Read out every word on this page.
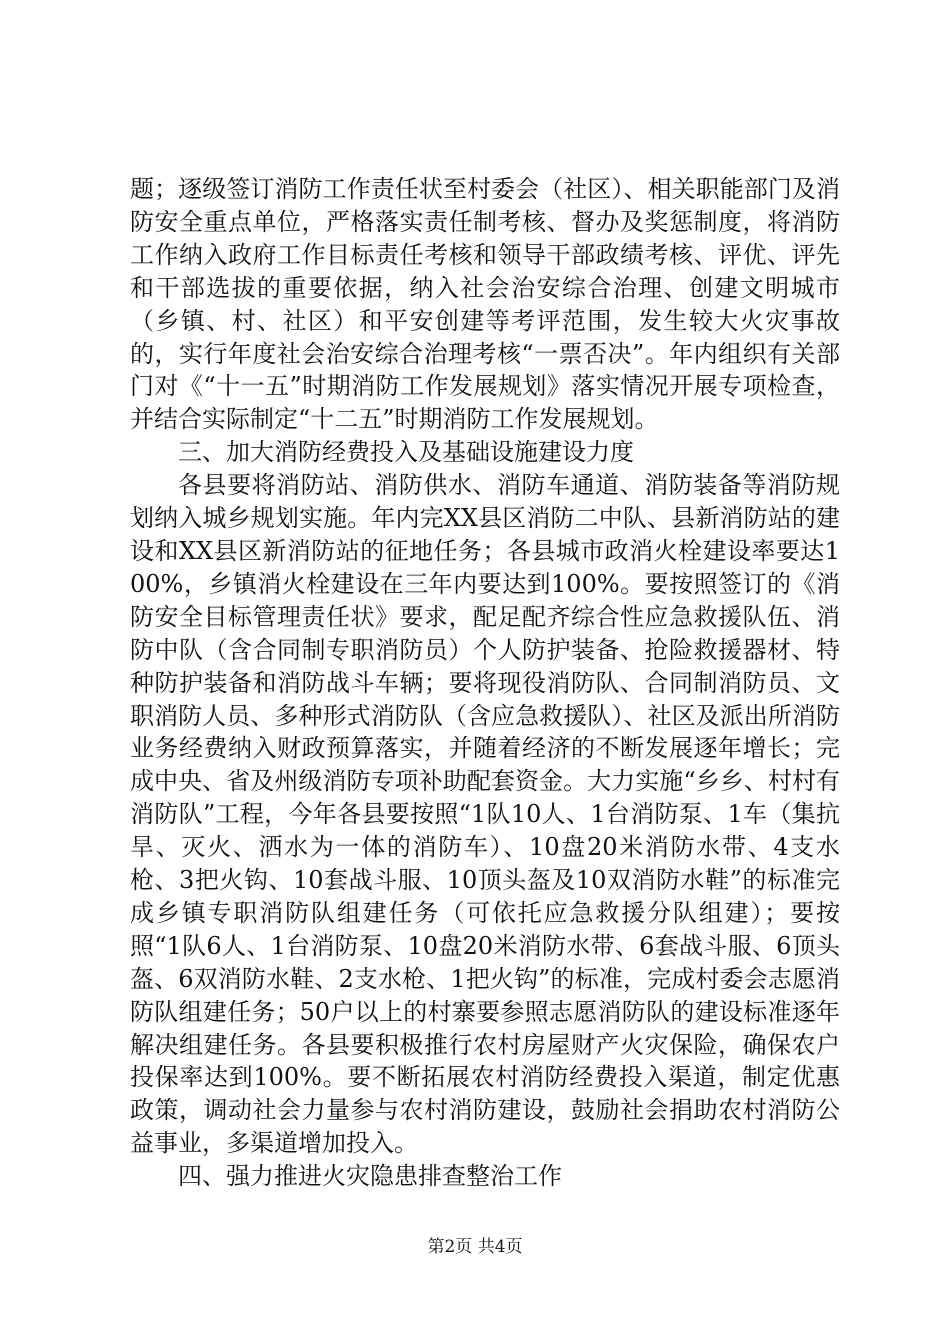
题；逐级签订消防工作责任状至村委会（社区）、相关职能部门及消防安全重点单位，严格落实责任制考核、督办及奖惩制度，将消防工作纳入政府工作目标责任考核和领导干部政绩考核、评优、评先和干部选拔的重要依据，纳入社会治安综合治理、创建文明城市（乡镇、村、社区）和平安创建等考评范围，发生较大火灾事故的，实行年度社会治安综合治理考核“一票否决”。年内组织有关部门对《“十一五”时期消防工作发展规划》落实情况开展专项检查，并结合实际制定“十二五”时期消防工作发展规划。

三、加大消防经费投入及基础设施建设力度

各县要将消防站、消防供水、消防车通道、消防装备等消防规划纳入城乡规划实施。年内完XX县区消防二中队、县新消防站的建设和XX县区新消防站的征地任务；各县城市政消火栓建设率要达100%，乡镇消火栓建设在三年内要达到100%。要按照签订的《消防安全目标管理责任状》要求，配足配齐综合性应急救援队伍、消防中队（含合同制专职消防员）个人防护装备、抢险救援器材、特种防护装备和消防战斗车辆；要将现役消防队、合同制消防员、文职消防人员、多种形式消防队（含应急救援队）、社区及派出所消防业务经费纳入财政预算落实，并随着经济的不断发展逐年增长；完成中央、省及州级消防专项补助配套资金。大力实施“乡乡、村村有消防队”工程，今年各县要按照“1队10人、1台消防泵、1车（集抗旱、灭火、洒水为一体的消防车）、10盘20米消防水带、4支水枪、3把火钩、10套战斗服、10顶头盔及10双消防水鞋”的标准完成乡镇专职消防队组建任务（可依托应急救援分队组建）；要按照“1队6人、1台消防泵、10盘20米消防水带、6套战斗服、6顶头盔、6双消防水鞋、2支水枪、1把火钩”的标准，完成村委会志愿消防队组建任务；50户以上的村寨要参照志愿消防队的建设标准逐年解决组建任务。各县要积极推行农村房屋财产火灾保险，确保农户投保率达到100%。要不断拓展农村消防经费投入渠道，制定优惠政策，调动社会力量参与农村消防建设，鼓励社会捐助农村消防公益事业，多渠道增加投入。

四、强力推进火灾隐患排查整治工作

第2页 共4页
